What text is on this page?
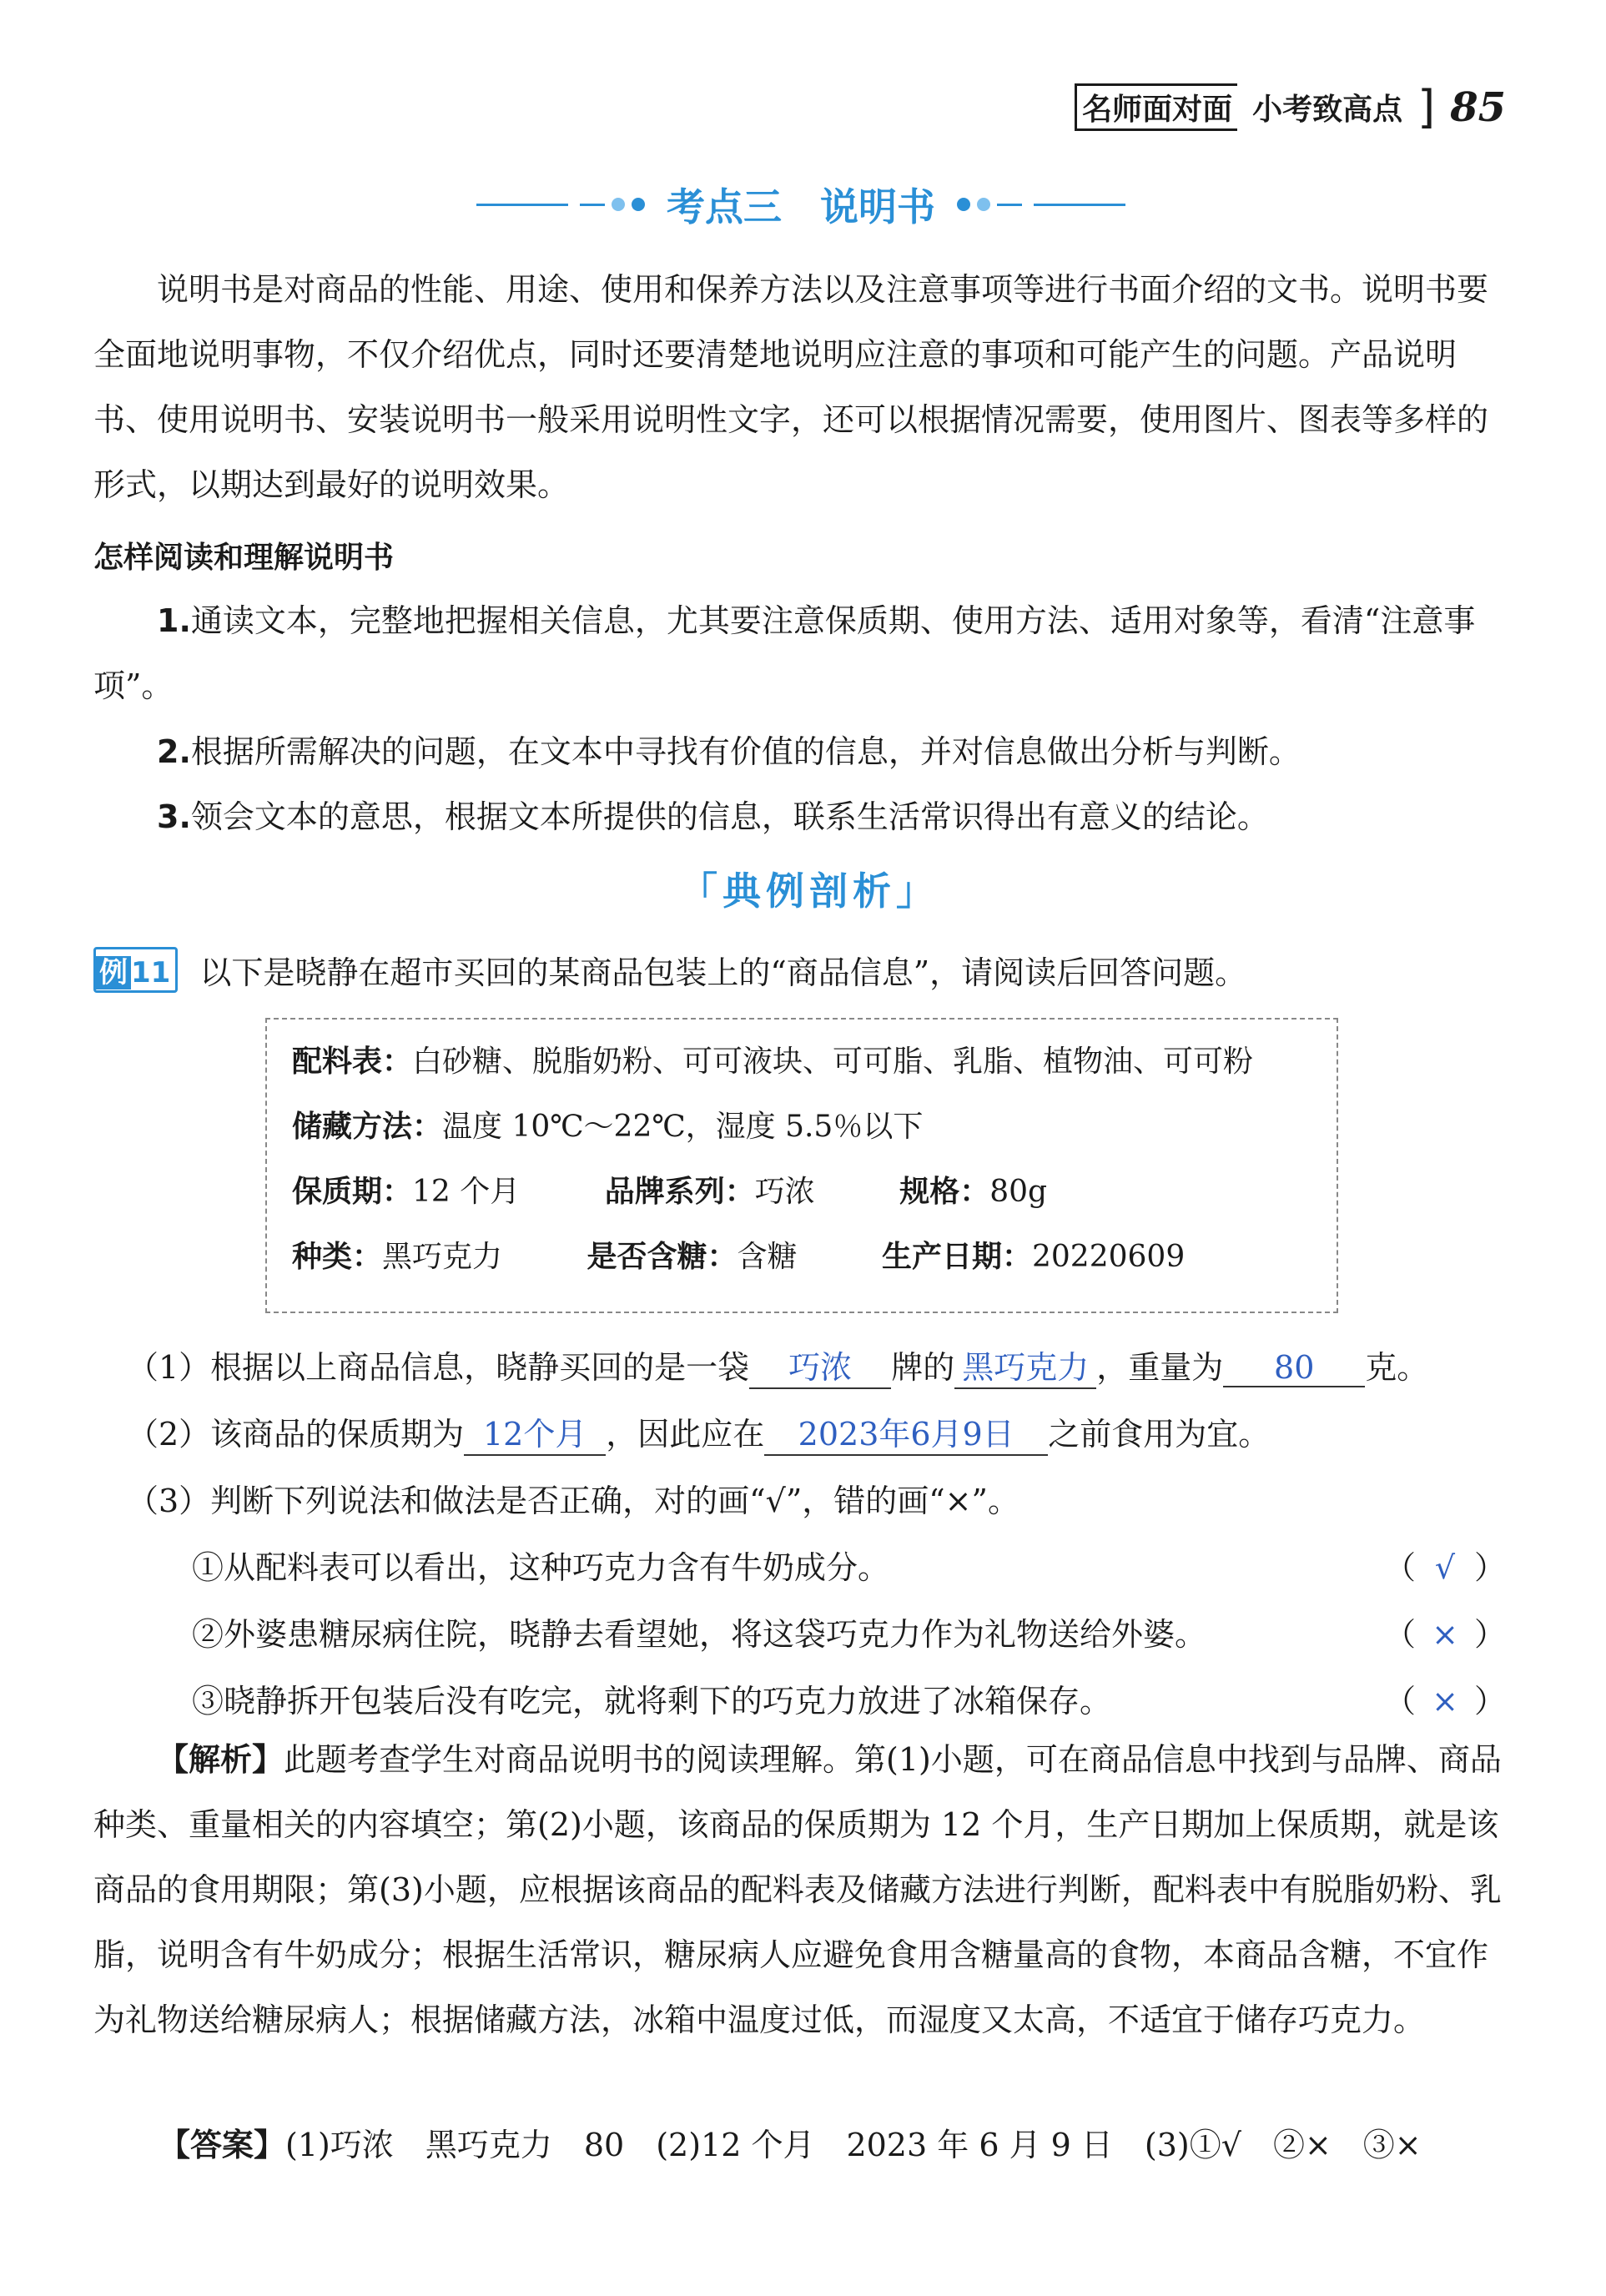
名师面对面 小考致高点 ] 85
考点三　说明书
说明书是对商品的性能、用途、使用和保养方法以及注意事项等进行书面介绍的文书。说明书要全面地说明事物，不仅介绍优点，同时还要清楚地说明应注意的事项和可能产生的问题。产品说明书、使用说明书、安装说明书一般采用说明性文字，还可以根据情况需要，使用图片、图表等多样的形式，以期达到最好的说明效果。
怎样阅读和理解说明书
1.通读文本，完整地把握相关信息，尤其要注意保质期、使用方法、适用对象等，看清“注意事项”。
2.根据所需解决的问题，在文本中寻找有价值的信息，并对信息做出分析与判断。
3.领会文本的意思，根据文本所提供的信息，联系生活常识得出有意义的结论。
「典例剖析」
例 11 以下是晓静在超市买回的某商品包装上的“商品信息”，请阅读后回答问题。
配料表：白砂糖、脱脂奶粉、可可液块、可可脂、乳脂、植物油、可可粉
储藏方法：温度 10℃～22℃，湿度 5.5％以下
保质期：12 个月	品牌系列：巧浓	规格：80g
种类：黑巧克力	是否含糖：含糖	生产日期：20220609
（1）根据以上商品信息，晓静买回的是一袋 巧浓 牌的 黑巧克力 ，重量为 80 克。
（2）该商品的保质期为 12个月 ，因此应在 2023年6月9日 之前食用为宜。
（3）判断下列说法和做法是否正确，对的画“√”，错的画“×”。
①从配料表可以看出，这种巧克力含有牛奶成分。	（ √ ）
②外婆患糖尿病住院，晓静去看望她，将这袋巧克力作为礼物送给外婆。	（ × ）
③晓静拆开包装后没有吃完，就将剩下的巧克力放进了冰箱保存。	（ × ）
【解析】此题考查学生对商品说明书的阅读理解。第(1)小题，可在商品信息中找到与品牌、商品种类、重量相关的内容填空；第(2)小题，该商品的保质期为 12 个月，生产日期加上保质期，就是该商品的食用期限；第(3)小题，应根据该商品的配料表及储藏方法进行判断，配料表中有脱脂奶粉、乳脂，说明含有牛奶成分；根据生活常识，糖尿病人应避免食用含糖量高的食物，本商品含糖，不宜作为礼物送给糖尿病人；根据储藏方法，冰箱中温度过低，而湿度又太高，不适宜于储存巧克力。
【答案】(1)巧浓　黑巧克力　80　(2)12 个月　2023 年 6 月 9 日　(3)①√　②×　③×
